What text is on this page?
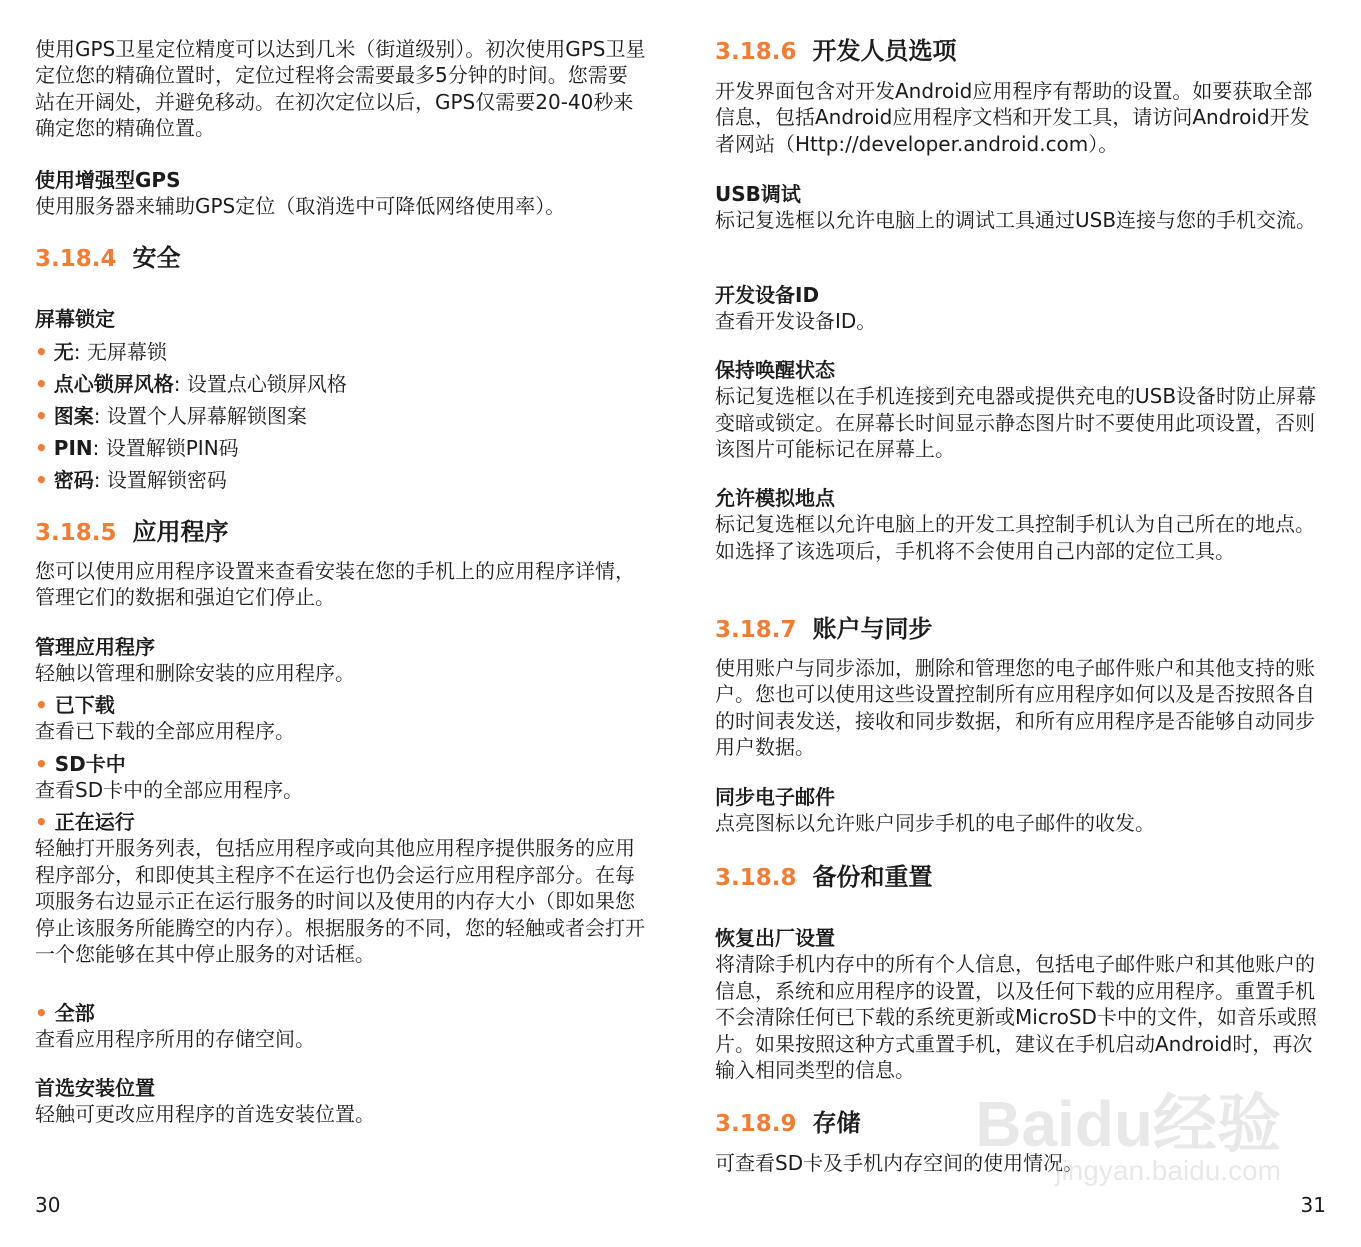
使用GPS卫星定位精度可以达到几米（街道级别）。初次使用GPS卫星定位您的精确位置时，定位过程将会需要最多5分钟的时间。您需要站在开阔处，并避免移动。在初次定位以后，GPS仅需要20-40秒来确定您的精确位置。

使用增强型GPS
使用服务器来辅助GPS定位（取消选中可降低网络使用率）。
3.18.4 安全
屏幕锁定

• 无: 无屏幕锁

• 点心锁屏风格: 设置点心锁屏风格

• 图案: 设置个人屏幕解锁图案

• PIN: 设置解锁PIN码

• 密码: 设置解锁密码

3.18.5 应用程序

您可以使用应用程序设置来查看安装在您的手机上的应用程序详情，管理它们的数据和强迫它们停止。

管理应用程序
轻触以管理和删除安装的应用程序。
• 已下载
查看已下载的全部应用程序。
• SD卡中
查看SD卡中的全部应用程序。
• 正在运行
轻触打开服务列表，包括应用程序或向其他应用程序提供服务的应用程序部分，和即使其主程序不在运行也仍会运行应用程序部分。在每项服务右边显示正在运行服务的时间以及使用的内存大小（即如果您停止该服务所能腾空的内存）。根据服务的不同，您的轻触或者会打开一个您能够在其中停止服务的对话框。
• 全部
查看应用程序所用的存储空间。
首选安装位置
轻触可更改应用程序的首选安装位置。
30
3.18.6 开发人员选项

开发界面包含对开发Android应用程序有帮助的设置。如要获取全部信息，包括Android应用程序文档和开发工具，请访问Android开发者网站（Http://developer.android.com）。

USB调试
标记复选框以允许电脑上的调试工具通过USB连接与您的手机交流。
开发设备ID
查看开发设备ID。
保持唤醒状态
标记复选框以在手机连接到充电器或提供充电的USB设备时防止屏幕变暗或锁定。在屏幕长时间显示静态图片时不要使用此项设置，否则该图片可能标记在屏幕上。
允许模拟地点
标记复选框以允许电脑上的开发工具控制手机认为自己所在的地点。如选择了该选项后，手机将不会使用自己内部的定位工具。
3.18.7 账户与同步

使用账户与同步添加，删除和管理您的电子邮件账户和其他支持的账户。您也可以使用这些设置控制所有应用程序如何以及是否按照各自的时间表发送，接收和同步数据，和所有应用程序是否能够自动同步用户数据。

同步电子邮件
点亮图标以允许账户同步手机的电子邮件的收发。
3.18.8 备份和重置
恢复出厂设置
将清除手机内存中的所有个人信息，包括电子邮件账户和其他账户的信息，系统和应用程序的设置，以及任何下载的应用程序。重置手机不会清除任何已下载的系统更新或MicroSD卡中的文件，如音乐或照片。如果按照这种方式重置手机，建议在手机启动Android时，再次输入相同类型的信息。
3.18.9 存储

可查看SD卡及手机内存空间的使用情况。

31
Baidu经验
jingyan.baidu.com
